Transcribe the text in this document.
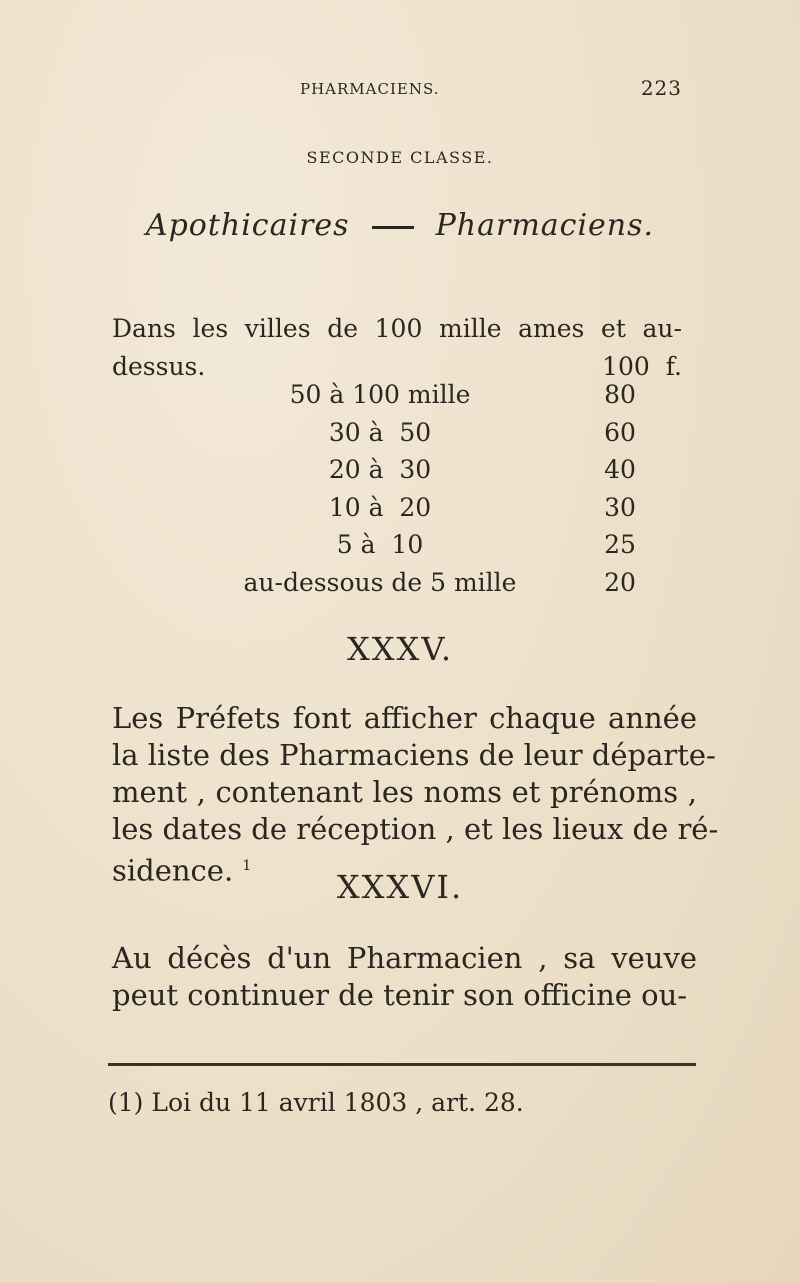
PHARMACIENS.	223
SECONDE CLASSE.
Apothicaires	Pharmaciens.
Dans les villes de 100 mille ames et au-
dessus.	100  f.
50 à 100 mille	80
30 à  50	60
20 à  30	40
10 à  20	30
5 à  10	25
au-dessous de 5 mille	20
XXXV.
Les Préfets font afficher chaque année
la liste des Pharmaciens de leur départe-
ment , contenant les noms et prénoms ,
les dates de réception , et les lieux de ré-
sidence. $^1$
XXXVI.
Au décès d'un Pharmacien , sa veuve
peut continuer de tenir son officine ou-
(1) Loi du 11 avril 1803 , art. 28.
